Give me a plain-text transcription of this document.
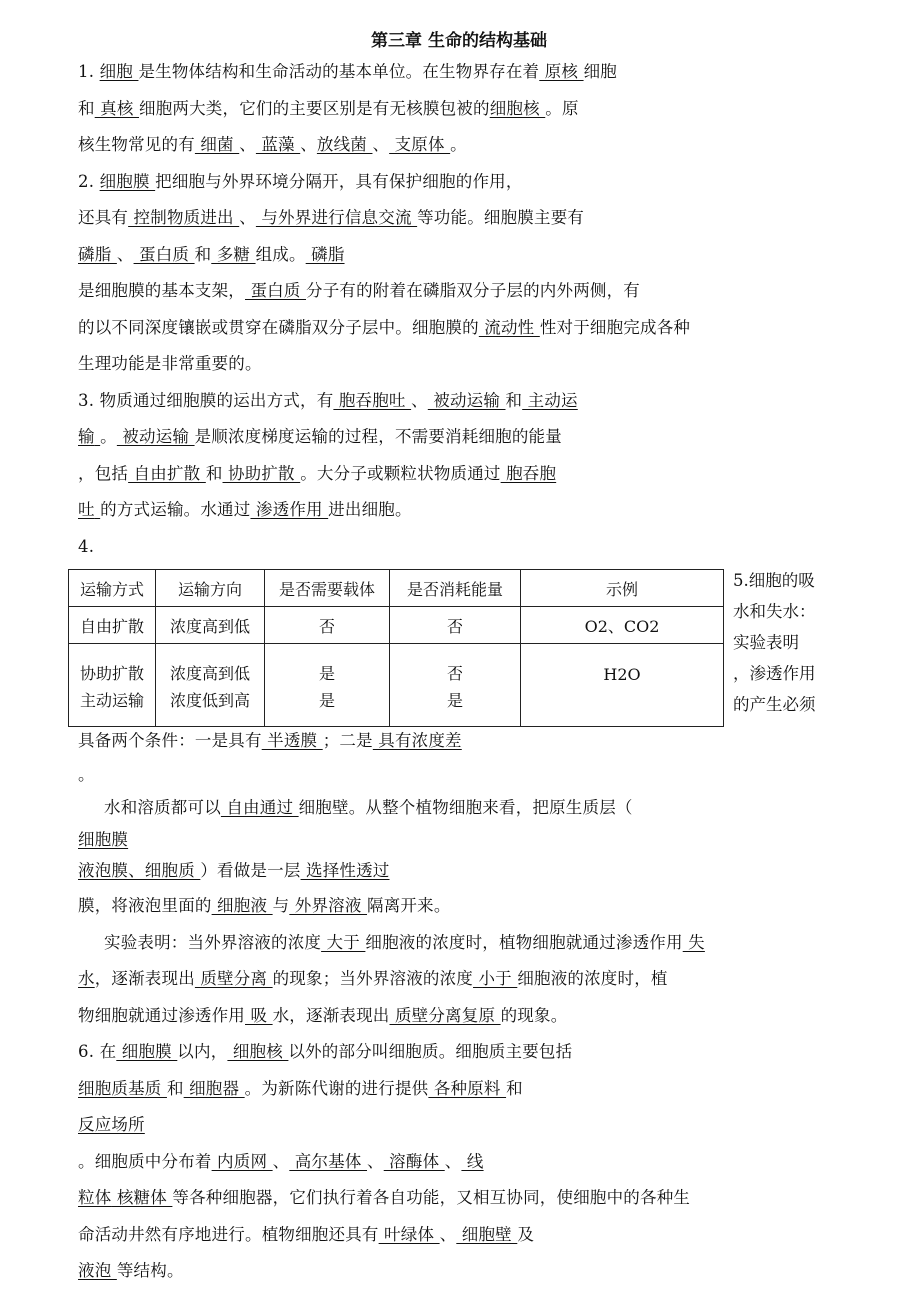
第三章 生命的结构基础
1. 细胞 是生物体结构和生命活动的基本单位。在生物界存在着 原核 细胞
和 真核 细胞两大类，它们的主要区别是有无核膜包被的细胞核 。原
核生物常见的有 细菌 、 蓝藻 、放线菌 、 支原体 。
2. 细胞膜 把细胞与外界环境分隔开，具有保护细胞的作用，
还具有 控制物质进出 、 与外界进行信息交流 等功能。细胞膜主要有
磷脂 、 蛋白质 和 多糖 组成。 磷脂
是细胞膜的基本支架， 蛋白质 分子有的附着在磷脂双分子层的内外两侧，有
的以不同深度镶嵌或贯穿在磷脂双分子层中。细胞膜的 流动性 性对于细胞完成各种
生理功能是非常重要的。
3. 物质通过细胞膜的运出方式，有 胞吞胞吐 、 被动运输 和 主动运
输 。 被动运输 是顺浓度梯度运输的过程，不需要消耗细胞的能量
，包括 自由扩散 和 协助扩散 。大分子或颗粒状物质通过 胞吞胞
吐 的方式运输。水通过 渗透作用 进出细胞。
4.
运输方式	运输方向	是否需要载体	是否消耗能量	示例
自由扩散	浓度高到低	否	否	O2、CO2
协助扩散	浓度高到低	是	否	H2O
主动运输	浓度低到高	是	是	
5.细胞的吸
水和失水：
实验表明
，渗透作用
的产生必须
具备两个条件：一是具有 半透膜 ；二是 具有浓度差
。
水和溶质都可以 自由通过 细胞壁。从整个植物细胞来看，把原生质层（
细胞膜
液泡膜、细胞质 ）看做是一层 选择性透过
膜，将液泡里面的 细胞液 与 外界溶液 隔离开来。
实验表明：当外界溶液的浓度 大于 细胞液的浓度时，植物细胞就通过渗透作用 失
水，逐渐表现出 质壁分离 的现象；当外界溶液的浓度 小于 细胞液的浓度时，植
物细胞就通过渗透作用 吸 水，逐渐表现出 质壁分离复原 的现象。
6. 在 细胞膜 以内， 细胞核 以外的部分叫细胞质。细胞质主要包括
细胞质基质 和 细胞器 。为新陈代谢的进行提供 各种原料 和
反应场所
。细胞质中分布着 内质网 、 高尔基体 、 溶酶体 、 线
粒体 核糖体 等各种细胞器，它们执行着各自功能，又相互协同，使细胞中的各种生
命活动井然有序地进行。植物细胞还具有 叶绿体 、 细胞壁 及
液泡 等结构。
